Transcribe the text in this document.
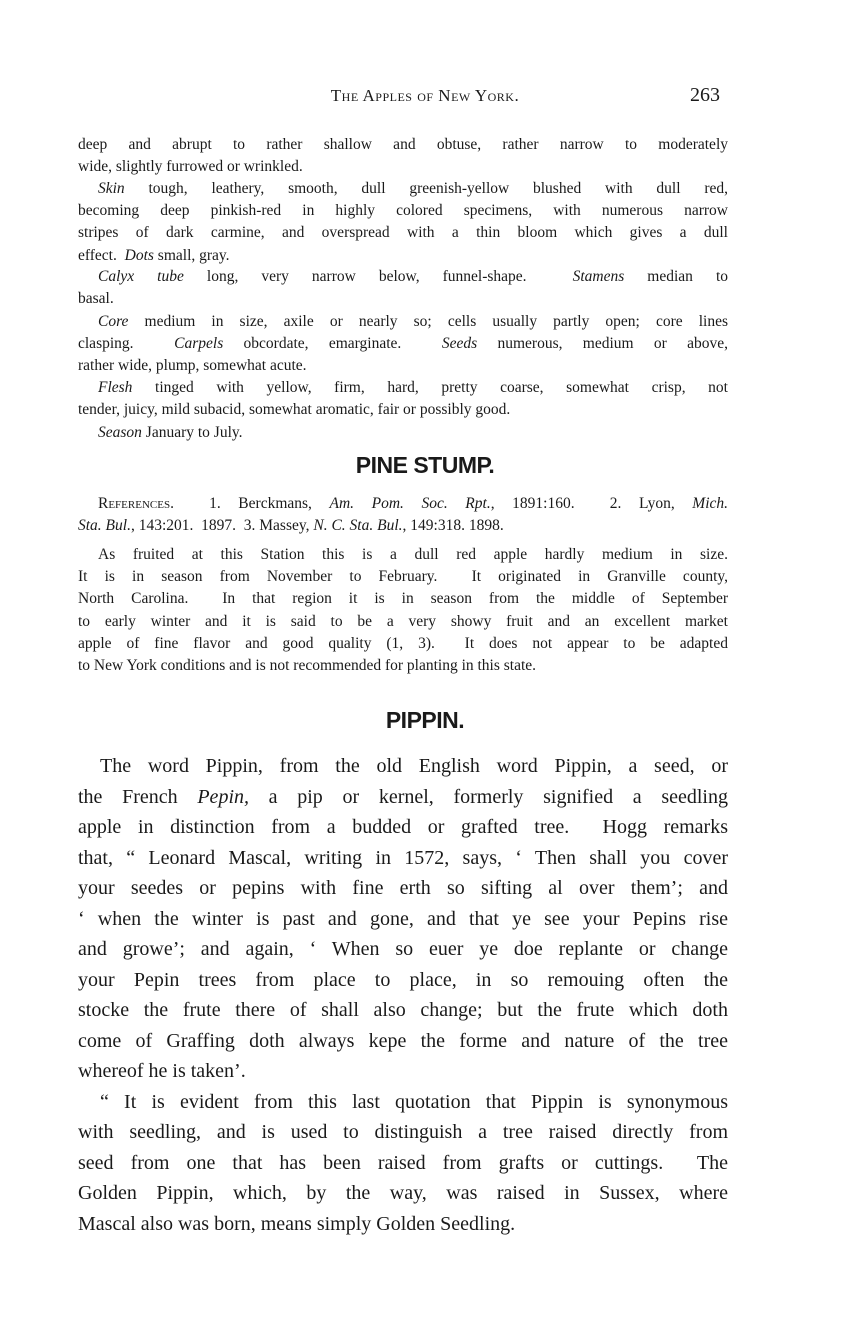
The Apples of New York.	263
deep and abrupt to rather shallow and obtuse, rather narrow to moderately
wide, slightly furrowed or wrinkled.
Skin tough, leathery, smooth, dull greenish-yellow blushed with dull red,
becoming deep pinkish-red in highly colored specimens, with numerous narrow
stripes of dark carmine, and overspread with a thin bloom which gives a dull
effect.  Dots small, gray.
Calyx tube long, very narrow below, funnel-shape.  Stamens median to
basal.
Core medium in size, axile or nearly so; cells usually partly open; core lines
clasping.  Carpels obcordate, emarginate.  Seeds numerous, medium or above,
rather wide, plump, somewhat acute.
Flesh tinged with yellow, firm, hard, pretty coarse, somewhat crisp, not
tender, juicy, mild subacid, somewhat aromatic, fair or possibly good.
Season January to July.
PINE STUMP.
References.  1. Berckmans, Am. Pom. Soc. Rpt., 1891:160.  2. Lyon, Mich.
Sta. Bul., 143:201.  1897.  3. Massey, N. C. Sta. Bul., 149:318. 1898.
As fruited at this Station this is a dull red apple hardly medium in size.
It is in season from November to February.  It originated in Granville county,
North Carolina.  In that region it is in season from the middle of September
to early winter and it is said to be a very showy fruit and an excellent market
apple of fine flavor and good quality (1, 3).  It does not appear to be adapted
to New York conditions and is not recommended for planting in this state.
PIPPIN.
The word Pippin, from the old English word Pippin, a seed, or
the French Pepin, a pip or kernel, formerly signified a seedling
apple in distinction from a budded or grafted tree.  Hogg remarks
that, “ Leonard Mascal, writing in 1572, says, ‘ Then shall you cover
your seedes or pepins with fine erth so sifting al over them’; and
‘ when the winter is past and gone, and that ye see your Pepins rise
and growe’; and again, ‘ When so euer ye doe replante or change
your Pepin trees from place to place, in so remouing often the
stocke the frute there of shall also change; but the frute which doth
come of Graffing doth always kepe the forme and nature of the tree
whereof he is taken’.
“ It is evident from this last quotation that Pippin is synonymous
with seedling, and is used to distinguish a tree raised directly from
seed from one that has been raised from grafts or cuttings.  The
Golden Pippin, which, by the way, was raised in Sussex, where
Mascal also was born, means simply Golden Seedling.
